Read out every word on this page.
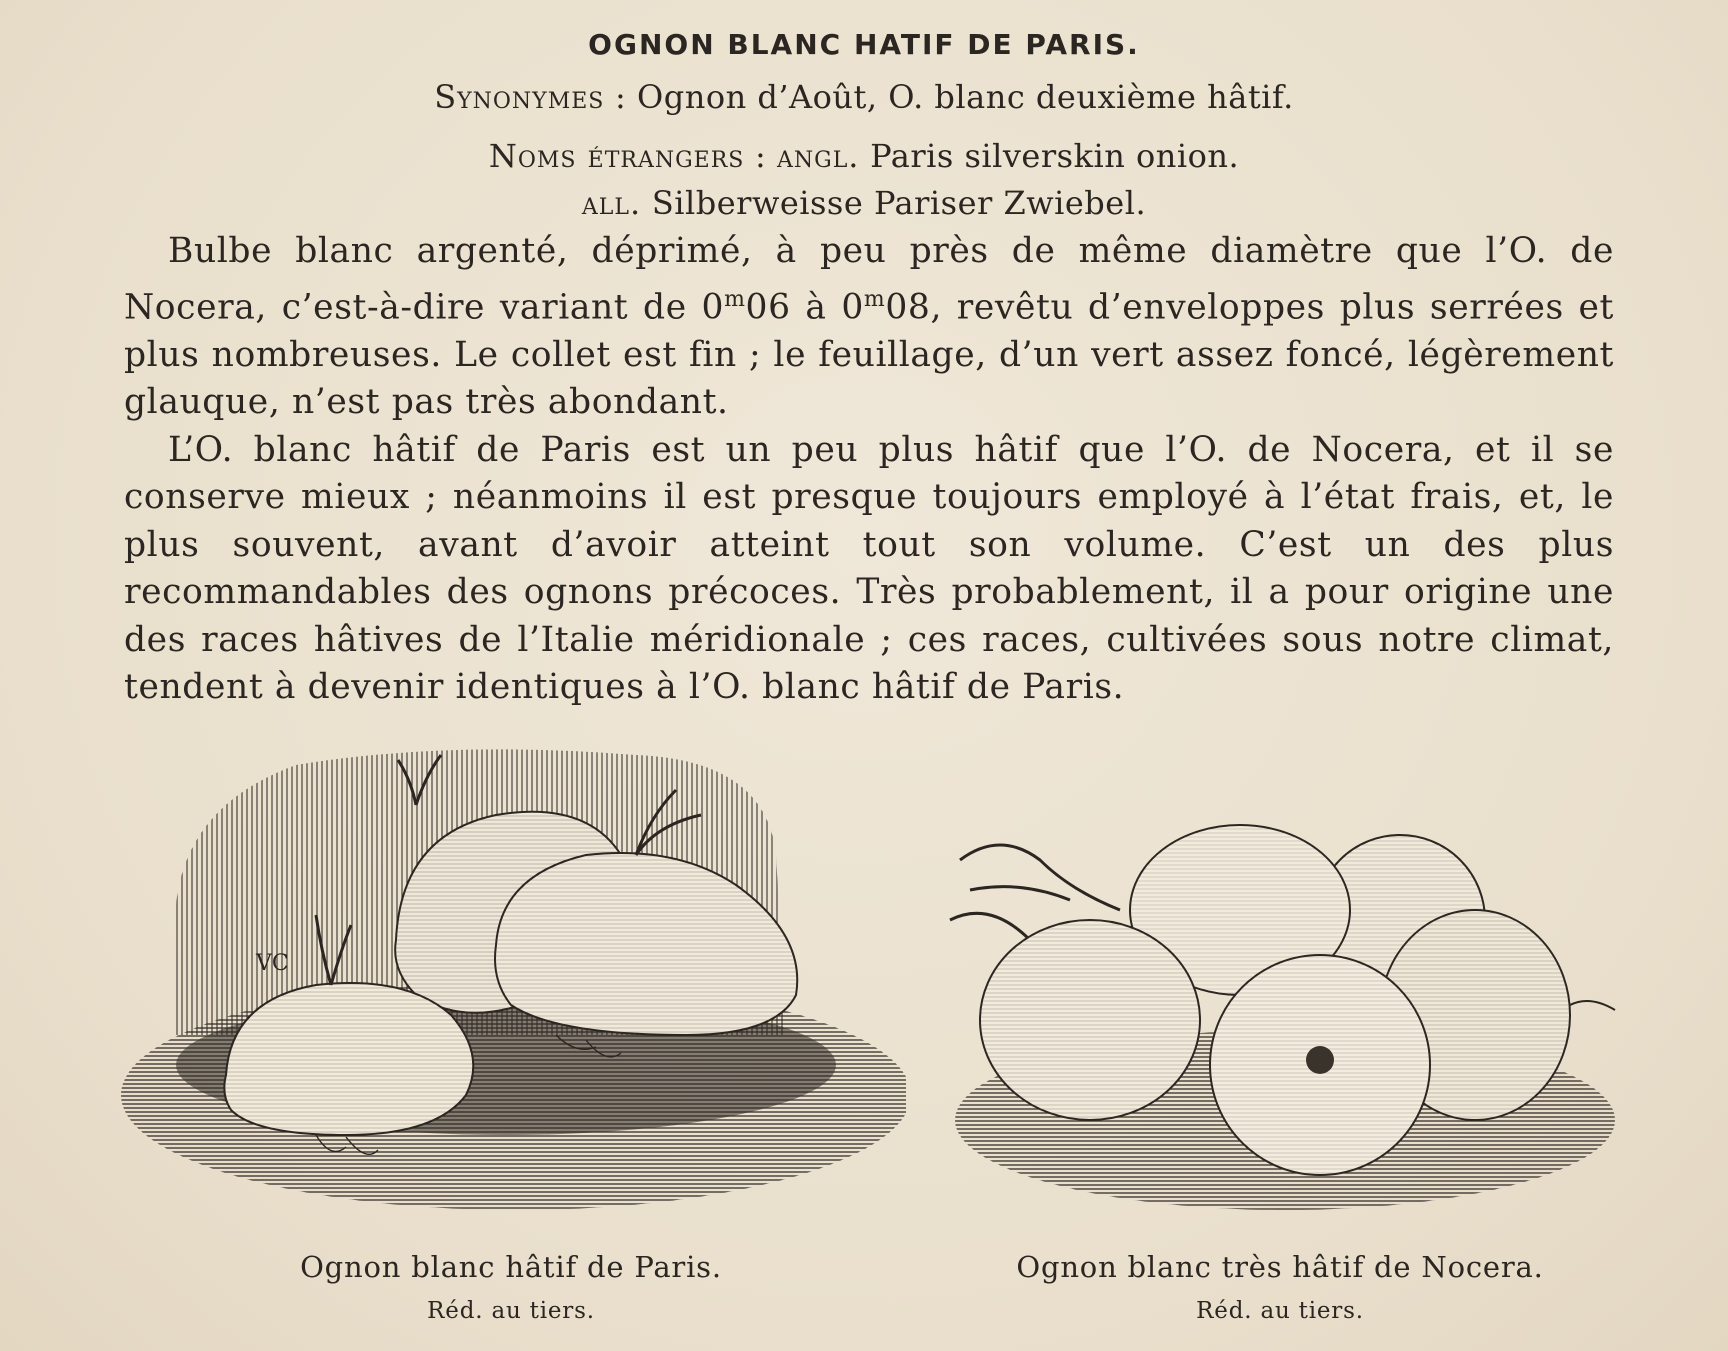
OGNON BLANC HATIF DE PARIS.
Synonymes : Ognon d’Août, O. blanc deuxième hâtif.
Noms étrangers : angl. Paris silverskin onion.
all. Silberweisse Pariser Zwiebel.

Bulbe blanc argenté, déprimé, à peu près de même diamètre que l’O. de Nocera, c’est-à-dire variant de 0$^m$06 à 0$^m$08, revêtu d’enveloppes plus serrées et plus nombreuses. Le collet est fin ; le feuillage, d’un vert assez foncé, légèrement glauque, n’est pas très abondant.

L’O. blanc hâtif de Paris est un peu plus hâtif que l’O. de Nocera, et il se conserve mieux ; néanmoins il est presque toujours employé à l’état frais, et, le plus souvent, avant d’avoir atteint tout son volume. C’est un des plus recommandables des ognons précoces. Très probablement, il a pour origine une des races hâtives de l’Italie méridionale ; ces races, cultivées sous notre climat, tendent à devenir identiques à l’O. blanc hâtif de Paris.

VC
Ognon blanc hâtif de Paris.
Réd. au tiers.
Ognon blanc très hâtif de Nocera.
Réd. au tiers.
